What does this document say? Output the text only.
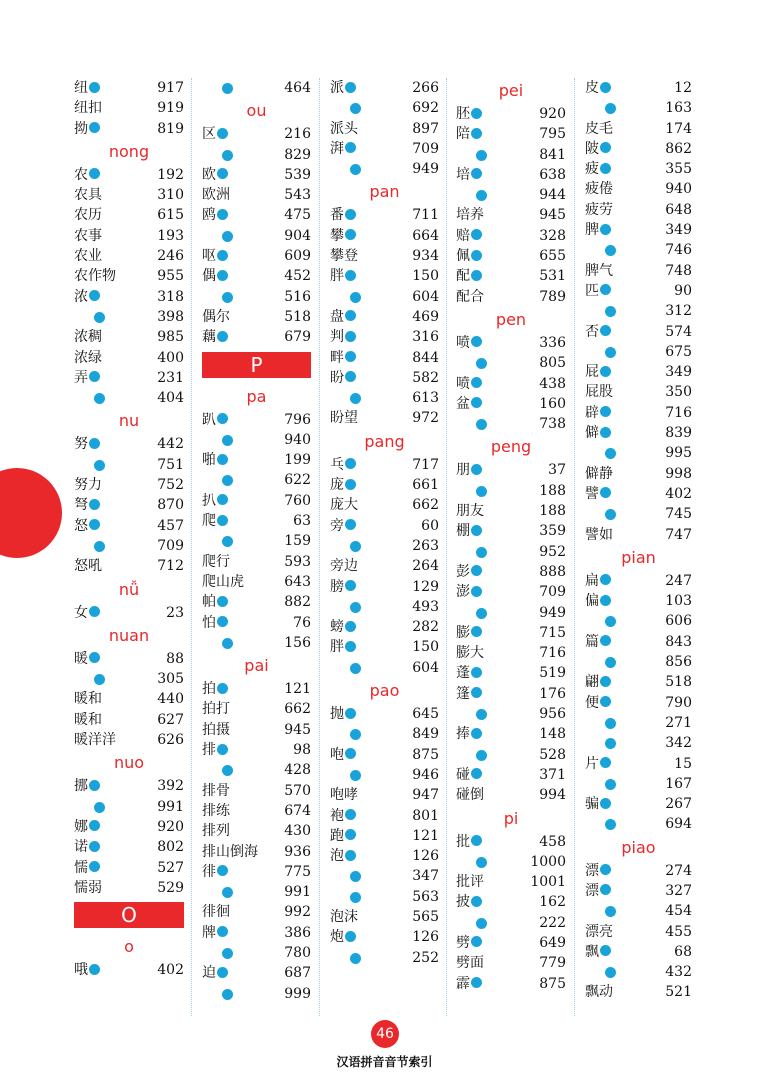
纽	917
纽扣	919
拗	819
nong
农	192
农具	310
农历	615
农事	193
农业	246
农作物	955
浓	318
398
浓稠	985
浓绿	400
弄	231
404
nu
努	442
751
努力	752
弩	870
怒	457
709
怒吼	712
nǚ
女	23
nuan
暖	88
305
暖和	440
暖和	627
暖洋洋	626
nuo
挪	392
991
娜	920
诺	802
懦	527
懦弱	529
O
o
哦	402
464
ou
区	216
829
欧	539
欧洲	543
鸥	475
904
呕	609
偶	452
516
偶尔	518
藕	679
P
pa
趴	796
940
啪	199
622
扒	760
爬	63
159
爬行	593
爬山虎	643
帕	882
怕	76
156
pai
拍	121
拍打	662
拍摄	945
排	98
428
排骨	570
排练	674
排列	430
排山倒海 936
徘	775
991
徘徊	992
牌	386
780
迫	687
999
派	266
692
派头	897
湃	709
949
pan
番	711
攀	664
攀登	934
胖	150
604
盘	469
判	316
畔	844
盼	582
613
盼望	972
pang
乓	717
庞	661
庞大	662
旁	60
263
旁边	264
膀	129
493
螃	282
胖	150
604
pao
抛	645
849
咆	875
946
咆哮	947
袍	801
跑	121
泡	126
347
563
泡沫	565
炮	126
252
pei
胚	920
陪	795
841
培	638
944
培养	945
赔	328
佩	655
配	531
配合	789
pen
喷	336
805
喷	438
盆	160
738
peng
朋	37
188
朋友	188
棚	359
952
彭	888
澎	709
949
膨	715
膨大	716
蓬	519
篷	176
956
捧	148
528
碰	371
碰倒	994
pi
批	458
1000
批评	1001
披	162
222
劈	649
劈面	779
霹	875
皮	12
163
皮毛	174
陂	862
疲	355
疲倦	940
疲劳	648
脾	349
746
脾气	748
匹	90
312
否	574
675
屁	349
屁股	350
辟	716
僻	839
995
僻静	998
譬	402
745
譬如	747
pian
扁	247
偏	103
606
篇	843
856
翩	518
便	790
271
342
片	15
167
骗	267
694
piao
漂	274
漂	327
454
漂亮	455
飘	68
432
飘动	521
46
汉语拼音音节索引
